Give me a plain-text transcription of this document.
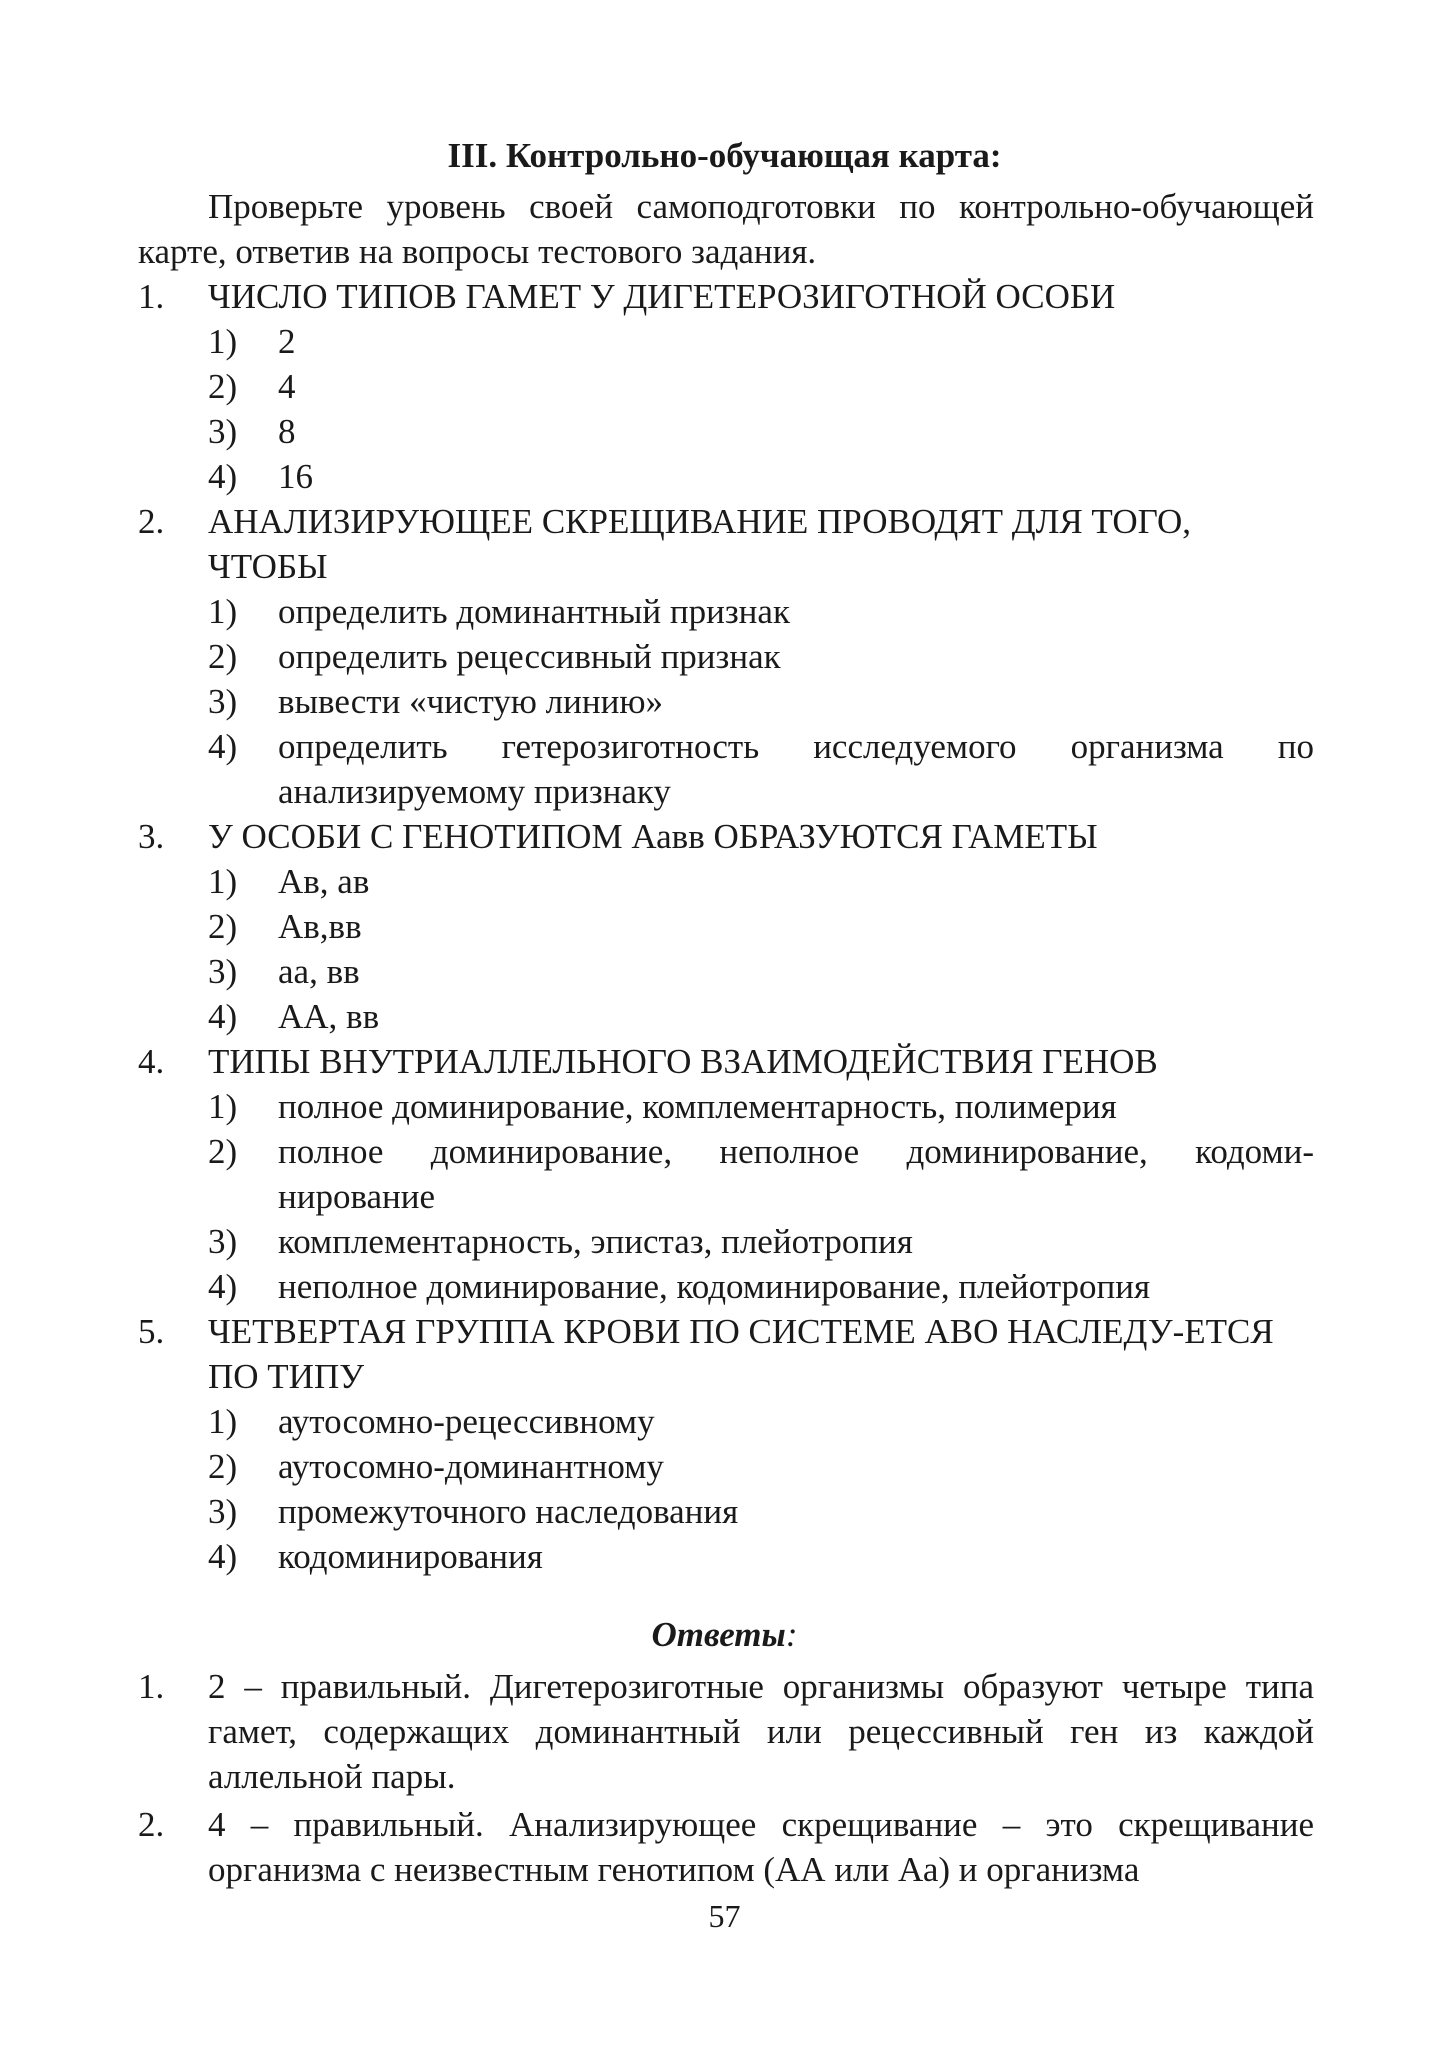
III. Контрольно-обучающая карта:
Проверьте уровень своей самоподготовки по контрольно-обучающей карте, ответив на вопросы тестового задания.
1. ЧИСЛО ТИПОВ ГАМЕТ У ДИГЕТЕРОЗИГОТНОЙ ОСОБИ
1) 2
2) 4
3) 8
4) 16
2. АНАЛИЗИРУЮЩЕЕ СКРЕЩИВАНИЕ ПРОВОДЯТ ДЛЯ ТОГО, ЧТОБЫ
1) определить доминантный признак
2) определить рецессивный признак
3) вывести «чистую линию»
4) определить гетерозиготность исследуемого организма по анализируемому признаку
3. У ОСОБИ С ГЕНОТИПОМ Аавв ОБРАЗУЮТСЯ ГАМЕТЫ
1) Ав, ав
2) Ав,вв
3) аа, вв
4) АА, вв
4. ТИПЫ ВНУТРИАЛЛЕЛЬНОГО ВЗАИМОДЕЙСТВИЯ ГЕНОВ
1) полное доминирование, комплементарность, полимерия
2) полное доминирование, неполное доминирование, кодоми-нирование
3) комплементарность, эпистаз, плейотропия
4) неполное доминирование, кодоминирование, плейотропия
5. ЧЕТВЕРТАЯ ГРУППА КРОВИ ПО СИСТЕМЕ АВО НАСЛЕДУ-ЕТСЯ ПО ТИПУ
1) аутосомно-рецессивному
2) аутосомно-доминантному
3) промежуточного наследования
4) кодоминирования
Ответы:
1. 2 – правильный. Дигетерозиготные организмы образуют четыре типа гамет, содержащих доминантный или рецессивный ген из каждой аллельной пары.
2. 4 – правильный. Анализирующее скрещивание – это скрещивание организма с неизвестным генотипом (АА или Аа) и организма
57
